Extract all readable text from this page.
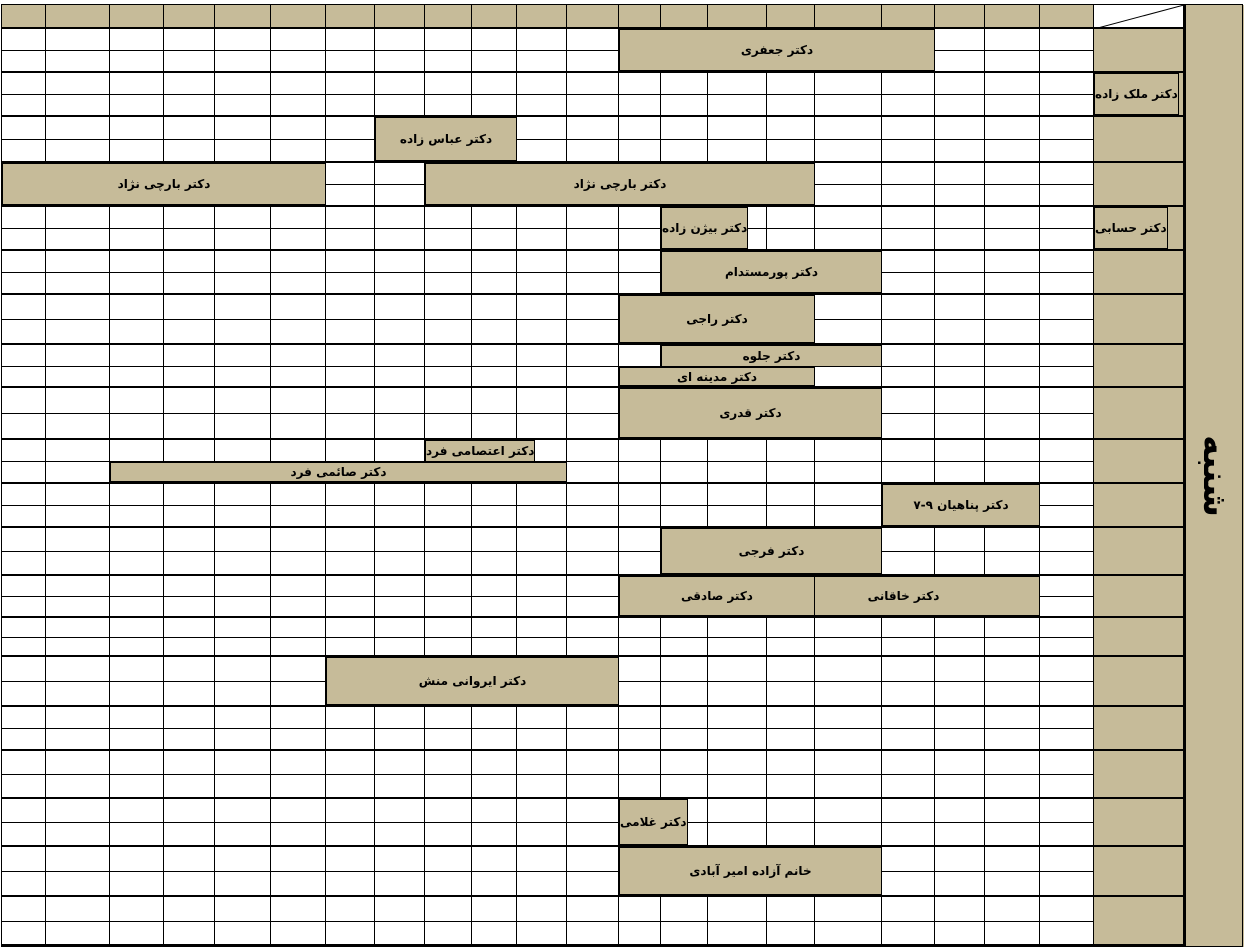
دکتر جعفری
دکتر ملک زاده
دکتر عباس زاده
دکتر بارچی نژاد
دکتر بارچی نژاد
دکتر بیژن زاده	دکتر حسابی
دکتر پورمستدام
دکتر راجی
دکتر جلوه
دکتر مدینه ای
دکتر قدری
دکتر اعتصامی فرد
دکتر صائمی فرد
دکتر پناهیان ۹-۷
دکتر فرجی
دکتر خاقانی
دکتر صادقی
دکتر ایروانی منش
دکتر غلامی
خانم آزاده امیر آبادی
شنبه
